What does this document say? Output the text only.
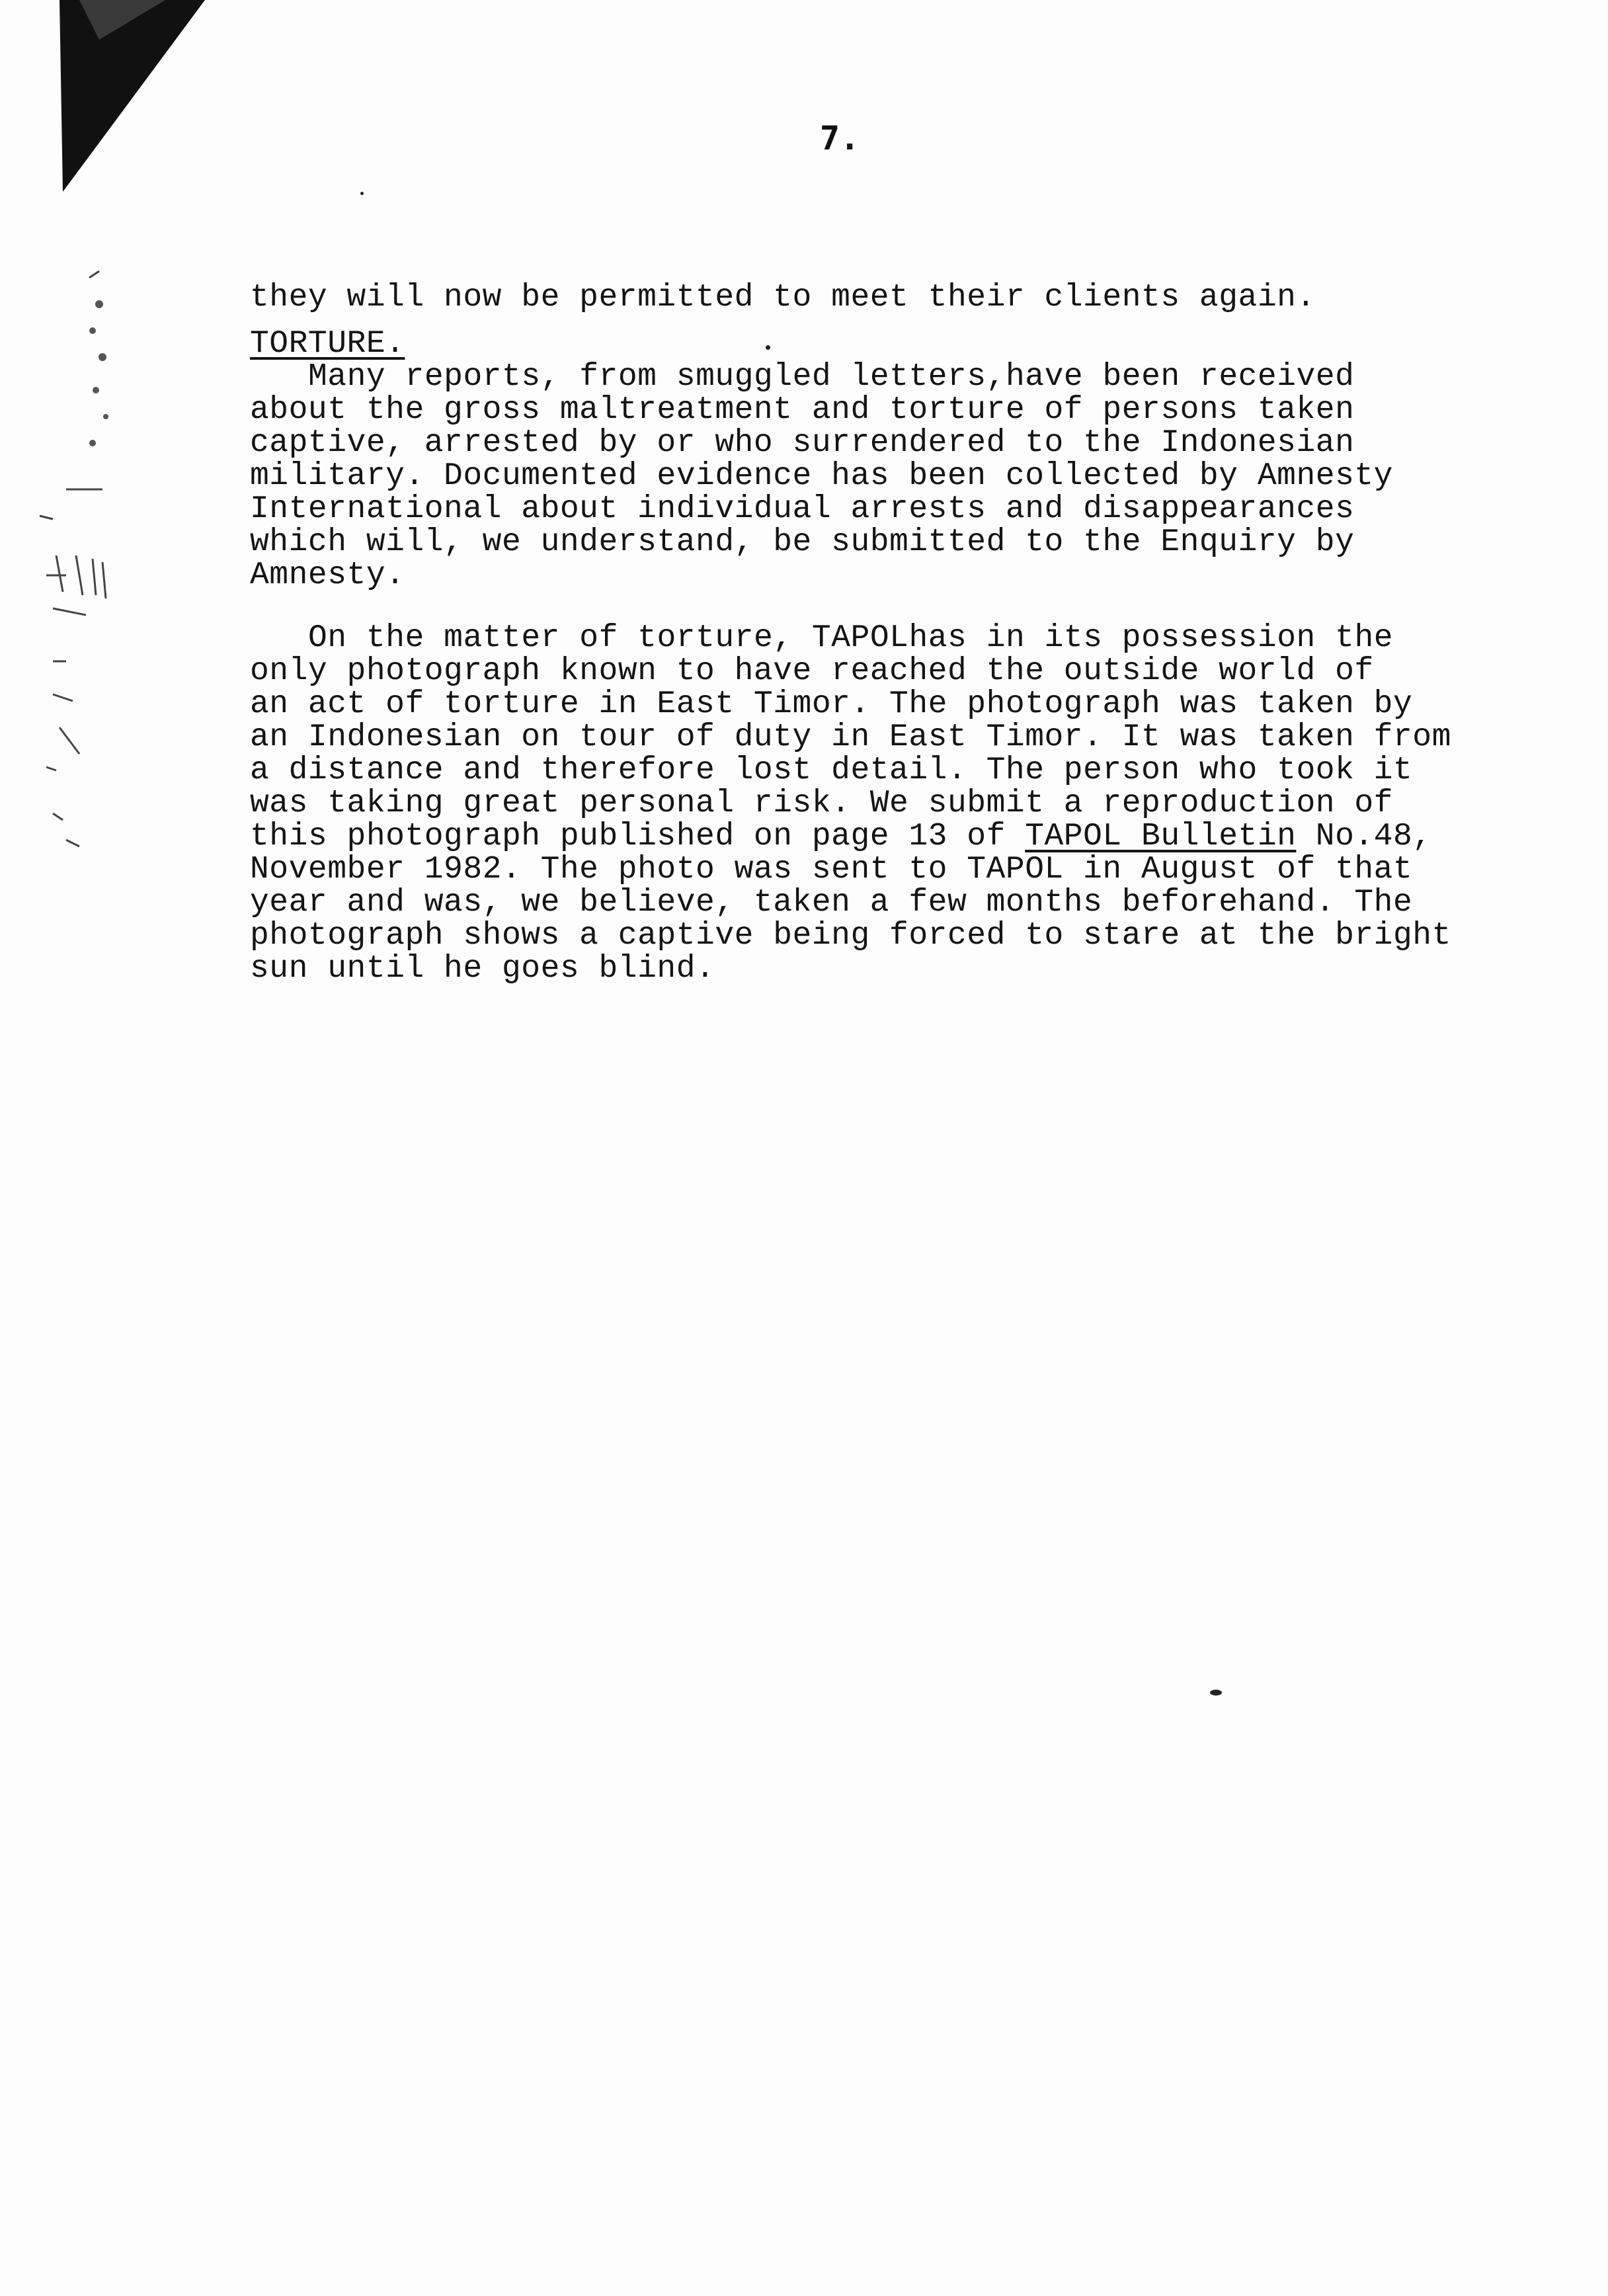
7.
they will now be permitted to meet their clients again.
TORTURE.
Many reports, from smuggled letters,have been received
about the gross maltreatment and torture of persons taken
captive, arrested by or who surrendered to the Indonesian
military. Documented evidence has been collected by Amnesty
International about individual arrests and disappearances
which will, we understand, be submitted to the Enquiry by
Amnesty.
On the matter of torture, TAPOLhas in its possession the
only photograph known to have reached the outside world of
an act of torture in East Timor. The photograph was taken by
an Indonesian on tour of duty in East Timor. It was taken from
a distance and therefore lost detail. The person who took it
was taking great personal risk. We submit a reproduction of
this photograph published on page 13 of TAPOL Bulletin No.48,
November 1982. The photo was sent to TAPOL in August of that
year and was, we believe, taken a few months beforehand. The
photograph shows a captive being forced to stare at the bright
sun until he goes blind.
